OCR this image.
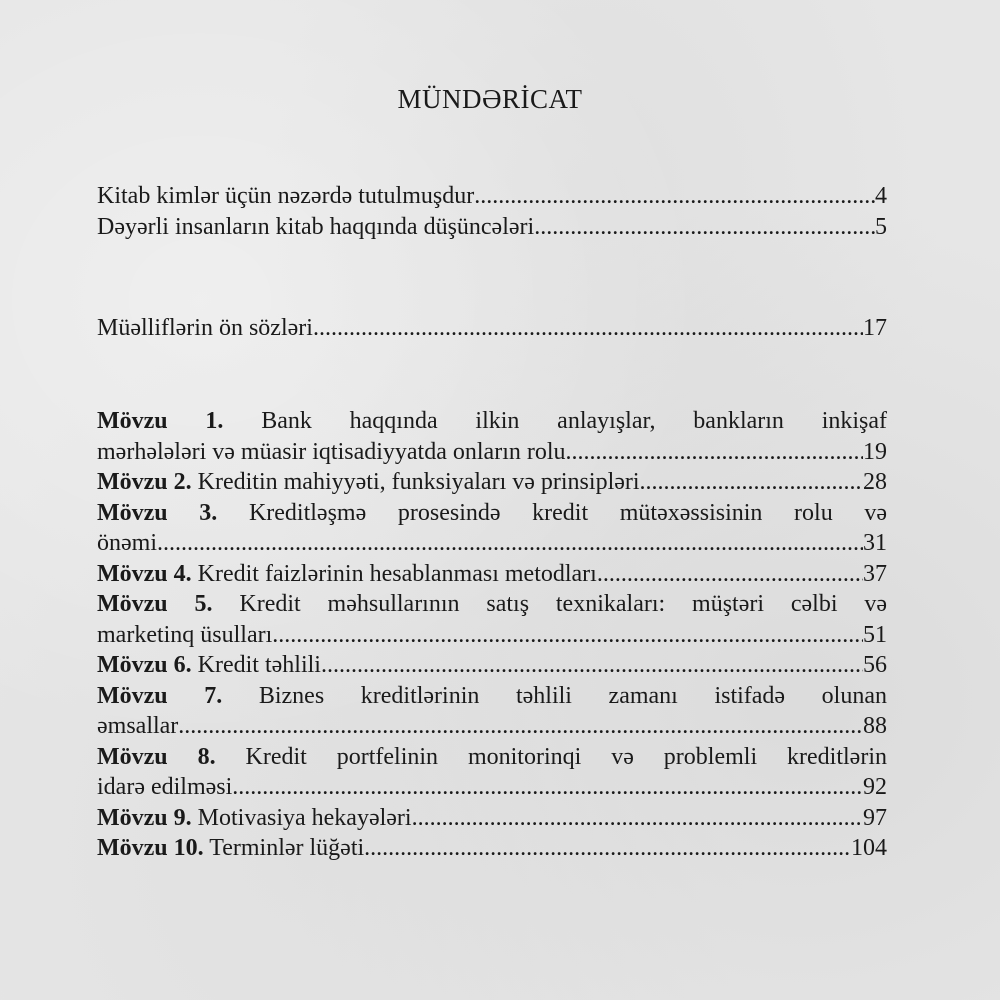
MÜNDƏRİCAT
Kitab kimlər üçün nəzərdə tutulmuşdur .....	4
Dəyərli insanların kitab haqqında düşüncələri .....	5
Müəlliflərin ön sözləri .....	17
Mövzu 1. Bank haqqında ilkin anlayışlar, bankların inkişaf
mərhələləri və müasir iqtisadiyyatda onların rolu .....	19
Mövzu 2. Kreditin mahiyyəti, funksiyaları və prinsipləri .....	28
Mövzu 3. Kreditləşmə prosesində kredit mütəxəssisinin rolu və
önəmi .....	31
Mövzu 4. Kredit faizlərinin hesablanması metodları .....	37
Mövzu 5. Kredit məhsullarının satış texnikaları: müştəri cəlbi və
marketinq üsulları .....	51
Mövzu 6. Kredit təhlili .....	56
Mövzu 7. Biznes kreditlərinin təhlili zamanı istifadə olunan
əmsallar .....	88
Mövzu 8. Kredit portfelinin monitorinqi və problemli kreditlərin
idarə edilməsi .....	92
Mövzu 9. Motivasiya hekayələri .....	97
Mövzu 10. Terminlər lüğəti .....	104
